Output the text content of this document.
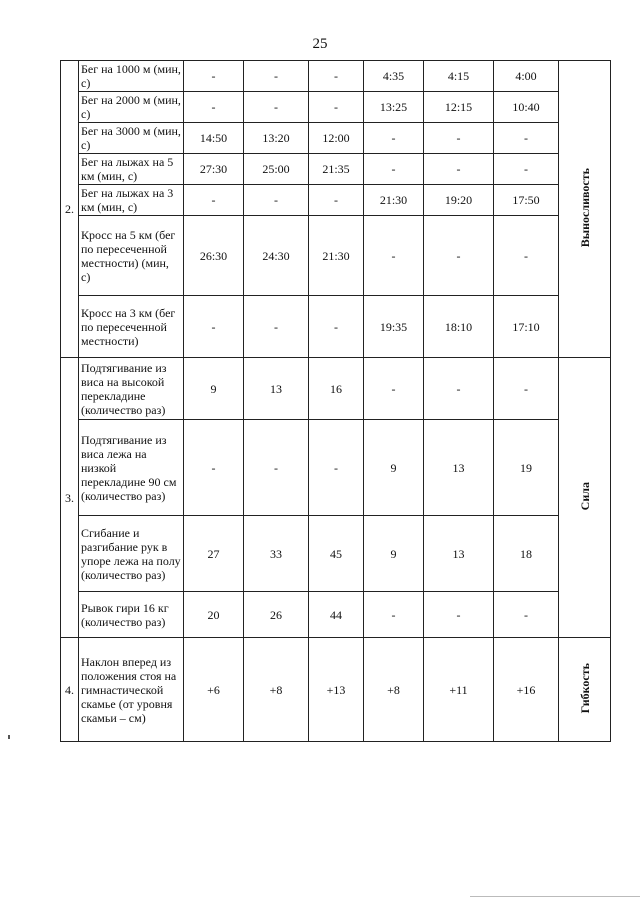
25
2.	Бег на 1000 м (мин, с)	-	-	-	4:35	4:15	4:00	Выносливость
	Бег на 2000 м (мин, с)	-	-	-	13:25	12:15	10:40	
	Бег на 3000 м (мин, с)	14:50	13:20	12:00	-	-	-	
	Бег на лыжах на 5 км (мин, с)	27:30	25:00	21:35	-	-	-	
	Бег на лыжах на 3 км (мин, с)	-	-	-	21:30	19:20	17:50	
	Кросс на 5 км (бег по пересеченной местности) (мин, с)	26:30	24:30	21:30	-	-	-	
	Кросс на 3 км (бег по пересеченной местности)	-	-	-	19:35	18:10	17:10	
3.	Подтягивание из виса на высокой перекладине (количество раз)	9	13	16	-	-	-	Сила
	Подтягивание из виса лежа на низкой перекладине 90 см (количество раз)	-	-	-	9	13	19	
	Сгибание и разгибание рук в упоре лежа на полу (количество раз)	27	33	45	9	13	18	
	Рывок гири 16 кг (количество раз)	20	26	44	-	-	-	
4.	Наклон вперед из положения стоя на гимнастической скамье (от уровня скамьи – см)	+6	+8	+13	+8	+11	+16	Гибкость
